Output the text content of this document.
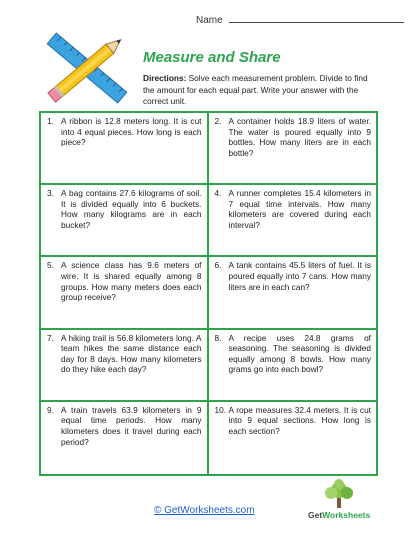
Name
Measure and Share
Directions: Solve each measurement problem. Divide to find the amount for each equal part. Write your answer with the correct unit.
1. A ribbon is 12.8 meters long. It is cut into 4 equal pieces. How long is each piece?
2. A container holds 18.9 liters of water. The water is poured equally into 9 bottles. How many liters are in each bottle?
3. A bag contains 27.6 kilograms of soil. It is divided equally into 6 buckets. How many kilograms are in each bucket?
4. A runner completes 15.4 kilometers in 7 equal time intervals. How many kilometers are covered during each interval?
5. A science class has 9.6 meters of wire. It is shared equally among 8 groups. How many meters does each group receive?
6. A tank contains 45.5 liters of fuel. It is poured equally into 7 cans. How many liters are in each can?
7. A hiking trail is 56.8 kilometers long. A team hikes the same distance each day for 8 days. How many kilometers do they hike each day?
8. A recipe uses 24.8 grams of seasoning. The seasoning is divided equally among 8 bowls. How many grams go into each bowl?
9. A train travels 63.9 kilometers in 9 equal time periods. How many kilometers does it travel during each period?
10. A rope measures 32.4 meters. It is cut into 9 equal sections. How long is each section?
© GetWorksheets.com	GetWorksheets
